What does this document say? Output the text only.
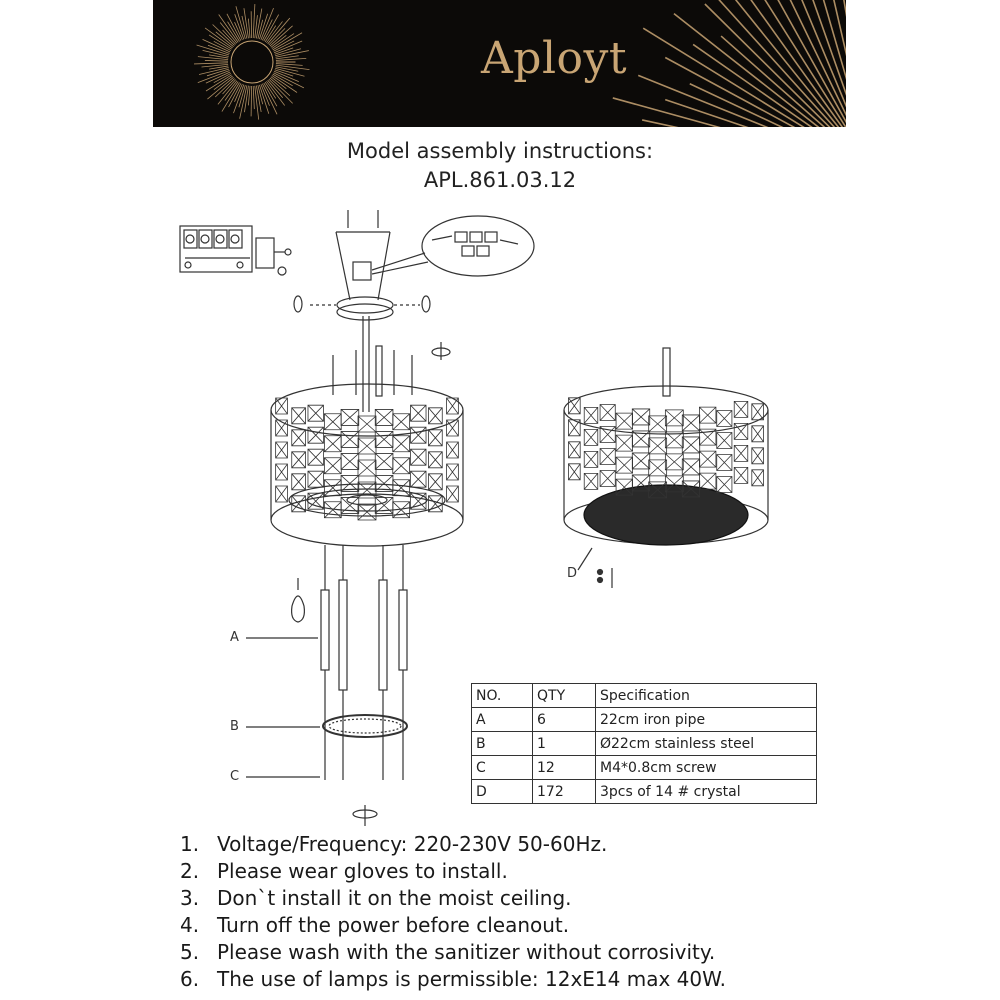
Aployt
Model assembly instructions:
APL.861.03.12
A
B
C
D
NO.	QTY	Specification
A	6	22cm iron pipe
B	1	Ø22cm stainless steel
C	12	M4*0.8cm screw
D	172	3pcs of 14 # crystal
1. Voltage/Frequency: 220-230V 50-60Hz.
2. Please wear gloves to install.
3. Don`t install it on the moist ceiling.
4. Turn off the power before cleanout.
5. Please wash with the sanitizer without corrosivity.
6. The use of lamps is permissible: 12xE14 max 40W.
